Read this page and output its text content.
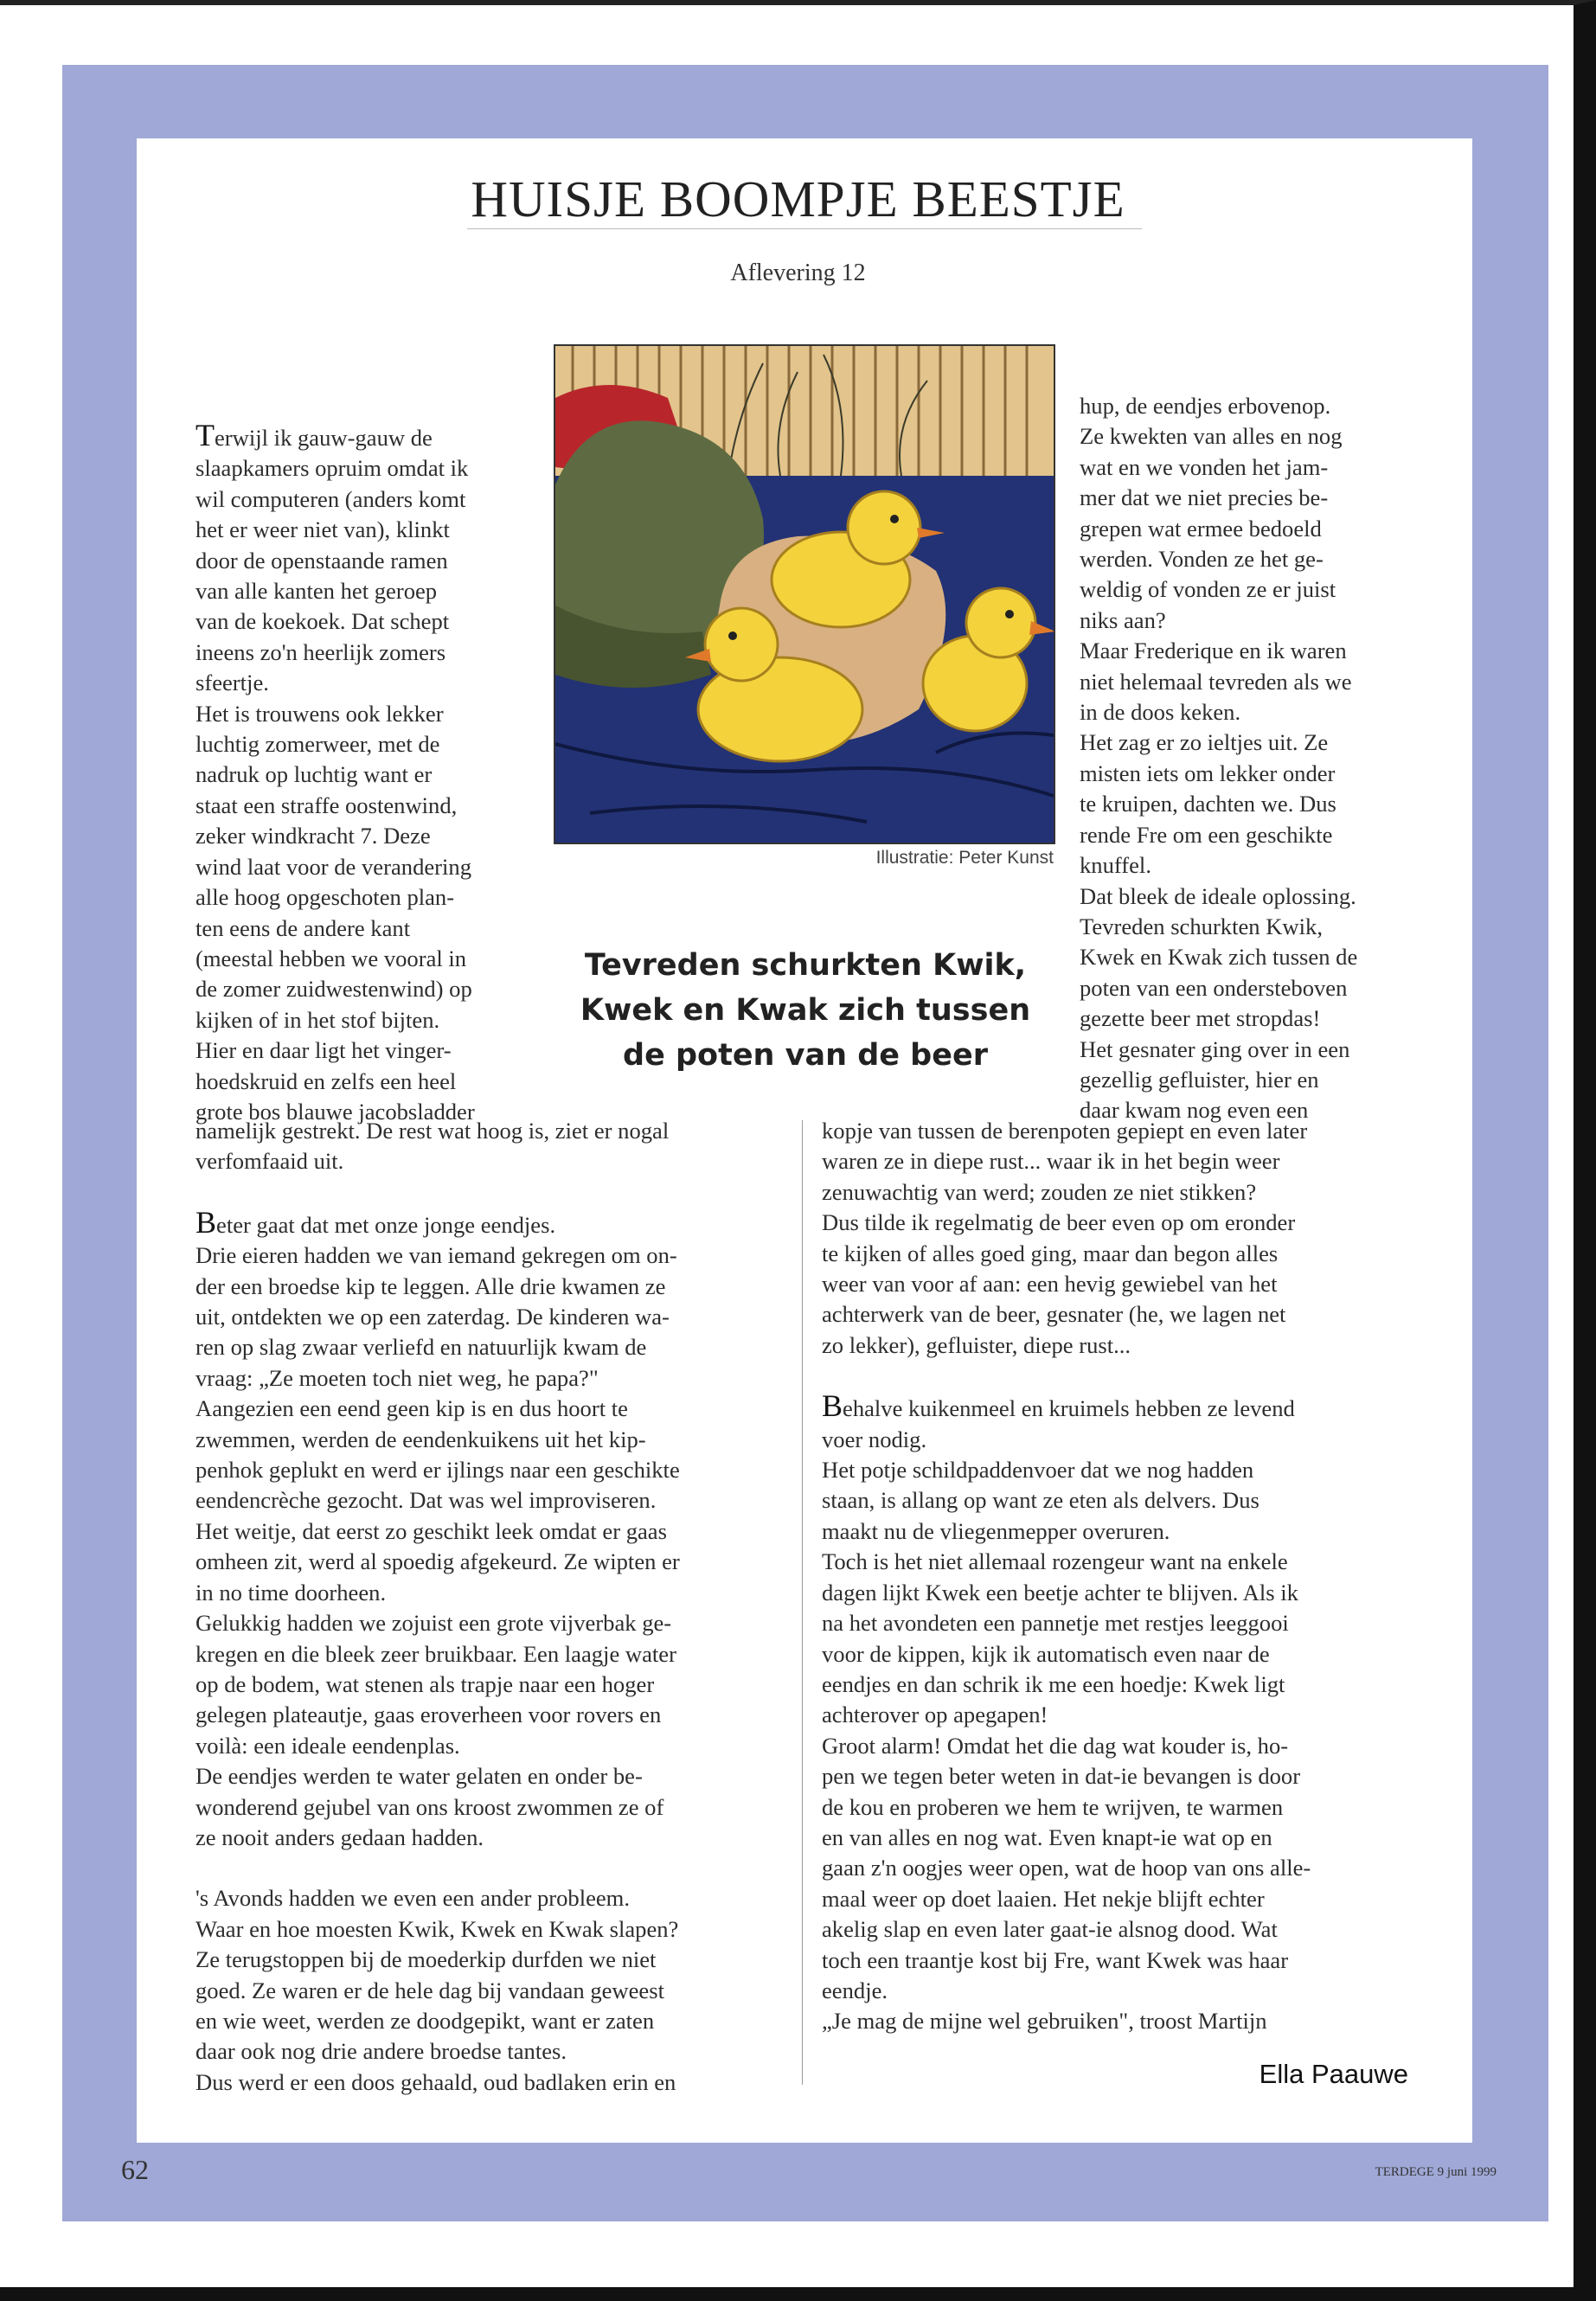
HUISJE BOOMPJE BEESTJE
Aflevering 12

Terwijl ik gauw-gauw de

slaapkamers opruim omdat ik

wil computeren (anders komt

het er weer niet van), klinkt

door de openstaande ramen

van alle kanten het geroep

van de koekoek. Dat schept

ineens zo'n heerlijk zomers

sfeertje.

Het is trouwens ook lekker

luchtig zomerweer, met de

nadruk op luchtig want er

staat een straffe oostenwind,

zeker windkracht 7. Deze

wind laat voor de verandering

alle hoog opgeschoten plan-

ten eens de andere kant

(meestal hebben we vooral in

de zomer zuidwestenwind) op

kijken of in het stof bijten.

Hier en daar ligt het vinger-

hoedskruid en zelfs een heel

grote bos blauwe jacobsladder

Illustratie: Peter Kunst

hup, de eendjes erbovenop.

Ze kwekten van alles en nog

wat en we vonden het jam-

mer dat we niet precies be-

grepen wat ermee bedoeld

werden. Vonden ze het ge-

weldig of vonden ze er juist

niks aan?

Maar Frederique en ik waren

niet helemaal tevreden als we

in de doos keken.

Het zag er zo ieltjes uit. Ze

misten iets om lekker onder

te kruipen, dachten we. Dus

rende Fre om een geschikte

knuffel.

Dat bleek de ideale oplossing.

Tevreden schurkten Kwik,

Kwek en Kwak zich tussen de

poten van een ondersteboven

gezette beer met stropdas!

Het gesnater ging over in een

gezellig gefluister, hier en

daar kwam nog even een

Tevreden schurkten Kwik,
Kwek en Kwak zich tussen
de poten van de beer

namelijk gestrekt. De rest wat hoog is, ziet er nogal

verfomfaaid uit.

Beter gaat dat met onze jonge eendjes.

Drie eieren hadden we van iemand gekregen om on-

der een broedse kip te leggen. Alle drie kwamen ze

uit, ontdekten we op een zaterdag. De kinderen wa-

ren op slag zwaar verliefd en natuurlijk kwam de

vraag: „Ze moeten toch niet weg, he papa?"

Aangezien een eend geen kip is en dus hoort te

zwemmen, werden de eendenkuikens uit het kip-

penhok geplukt en werd er ijlings naar een geschikte

eendencrèche gezocht. Dat was wel improviseren.

Het weitje, dat eerst zo geschikt leek omdat er gaas

omheen zit, werd al spoedig afgekeurd. Ze wipten er

in no time doorheen.

Gelukkig hadden we zojuist een grote vijverbak ge-

kregen en die bleek zeer bruikbaar. Een laagje water

op de bodem, wat stenen als trapje naar een hoger

gelegen plateautje, gaas eroverheen voor rovers en

voilà: een ideale eendenplas.

De eendjes werden te water gelaten en onder be-

wonderend gejubel van ons kroost zwommen ze of

ze nooit anders gedaan hadden.

's Avonds hadden we even een ander probleem.

Waar en hoe moesten Kwik, Kwek en Kwak slapen?

Ze terugstoppen bij de moederkip durfden we niet

goed. Ze waren er de hele dag bij vandaan geweest

en wie weet, werden ze doodgepikt, want er zaten

daar ook nog drie andere broedse tantes.

Dus werd er een doos gehaald, oud badlaken erin en

kopje van tussen de berenpoten gepiept en even later

waren ze in diepe rust... waar ik in het begin weer

zenuwachtig van werd; zouden ze niet stikken?

Dus tilde ik regelmatig de beer even op om eronder

te kijken of alles goed ging, maar dan begon alles

weer van voor af aan: een hevig gewiebel van het

achterwerk van de beer, gesnater (he, we lagen net

zo lekker), gefluister, diepe rust...

Behalve kuikenmeel en kruimels hebben ze levend

voer nodig.

Het potje schildpaddenvoer dat we nog hadden

staan, is allang op want ze eten als delvers. Dus

maakt nu de vliegenmepper overuren.

Toch is het niet allemaal rozengeur want na enkele

dagen lijkt Kwek een beetje achter te blijven. Als ik

na het avondeten een pannetje met restjes leeggooi

voor de kippen, kijk ik automatisch even naar de

eendjes en dan schrik ik me een hoedje: Kwek ligt

achterover op apegapen!

Groot alarm! Omdat het die dag wat kouder is, ho-

pen we tegen beter weten in dat-ie bevangen is door

de kou en proberen we hem te wrijven, te warmen

en van alles en nog wat. Even knapt-ie wat op en

gaan z'n oogjes weer open, wat de hoop van ons alle-

maal weer op doet laaien. Het nekje blijft echter

akelig slap en even later gaat-ie alsnog dood. Wat

toch een traantje kost bij Fre, want Kwek was haar

eendje.

„Je mag de mijne wel gebruiken", troost Martijn

Ella Paauwe
62	TERDEGE 9 juni 1999
